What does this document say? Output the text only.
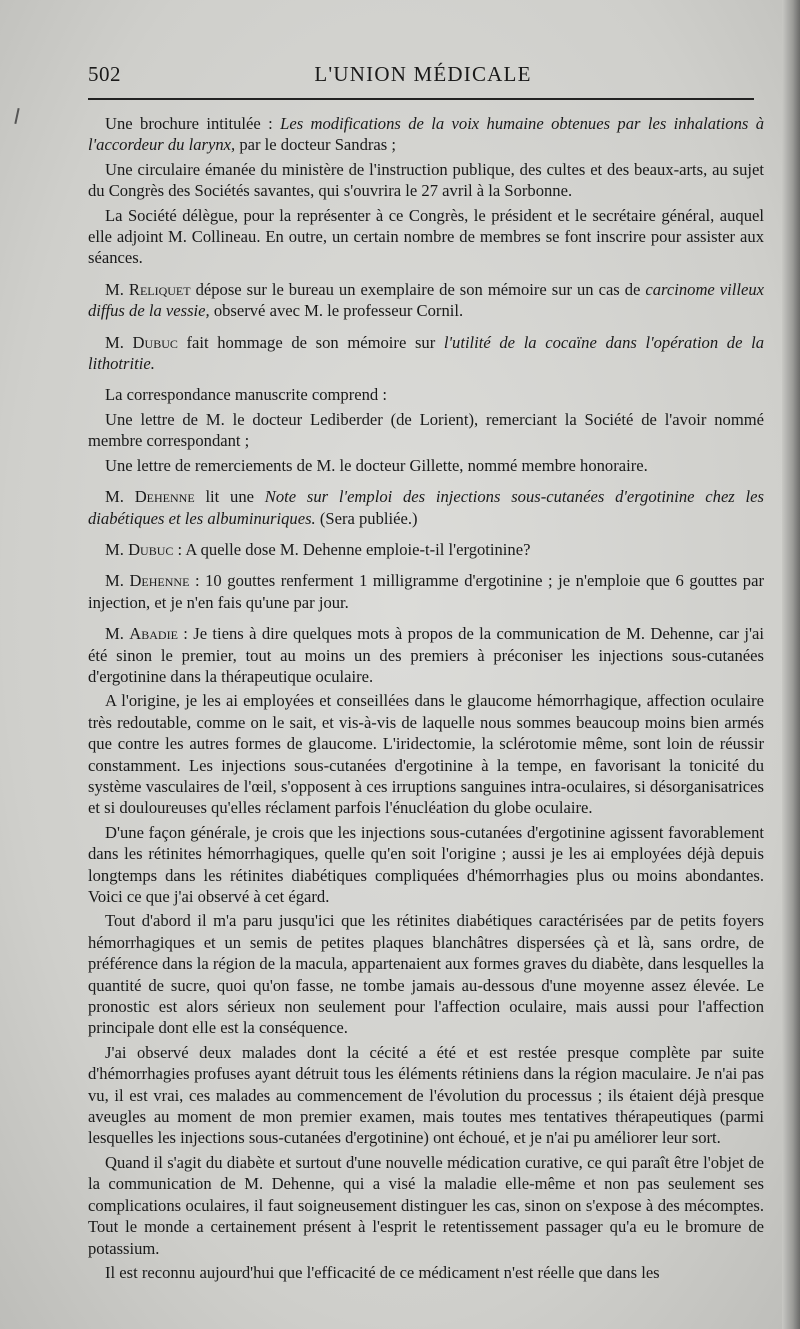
502	L'UNION MÉDICALE

Une brochure intitulée : Les modifications de la voix humaine obtenues par les inhalations à l'accordeur du larynx, par le docteur Sandras ;

Une circulaire émanée du ministère de l'instruction publique, des cultes et des beaux-arts, au sujet du Congrès des Sociétés savantes, qui s'ouvrira le 27 avril à la Sorbonne.

La Société délègue, pour la représenter à ce Congrès, le président et le secrétaire général, auquel elle adjoint M. Collineau. En outre, un certain nombre de membres se font inscrire pour assister aux séances.

M. Reliquet dépose sur le bureau un exemplaire de son mémoire sur un cas de carcinome villeux diffus de la vessie, observé avec M. le professeur Cornil.

M. Dubuc fait hommage de son mémoire sur l'utilité de la cocaïne dans l'opération de la lithotritie.

La correspondance manuscrite comprend :

Une lettre de M. le docteur Lediberder (de Lorient), remerciant la Société de l'avoir nommé membre correspondant ;

Une lettre de remerciements de M. le docteur Gillette, nommé membre honoraire.

M. Dehenne lit une Note sur l'emploi des injections sous-cutanées d'ergotinine chez les diabétiques et les albuminuriques. (Sera publiée.)

M. Dubuc : A quelle dose M. Dehenne emploie-t-il l'ergotinine?

M. Dehenne : 10 gouttes renferment 1 milligramme d'ergotinine ; je n'emploie que 6 gouttes par injection, et je n'en fais qu'une par jour.

M. Abadie : Je tiens à dire quelques mots à propos de la communication de M. Dehenne, car j'ai été sinon le premier, tout au moins un des premiers à préconiser les injections sous-cutanées d'ergotinine dans la thérapeutique oculaire.

A l'origine, je les ai employées et conseillées dans le glaucome hémorrhagique, affection oculaire très redoutable, comme on le sait, et vis-à-vis de laquelle nous sommes beaucoup moins bien armés que contre les autres formes de glaucome. L'iridectomie, la sclérotomie même, sont loin de réussir constamment. Les injections sous-cutanées d'ergotinine à la tempe, en favorisant la tonicité du système vasculaires de l'œil, s'opposent à ces irruptions sanguines intra-oculaires, si désorganisatrices et si douloureuses qu'elles réclament parfois l'énucléation du globe oculaire.

D'une façon générale, je crois que les injections sous-cutanées d'ergotinine agissent favorablement dans les rétinites hémorrhagiques, quelle qu'en soit l'origine ; aussi je les ai employées déjà depuis longtemps dans les rétinites diabétiques compliquées d'hémorrhagies plus ou moins abondantes. Voici ce que j'ai observé à cet égard.

Tout d'abord il m'a paru jusqu'ici que les rétinites diabétiques caractérisées par de petits foyers hémorrhagiques et un semis de petites plaques blanchâtres dispersées çà et là, sans ordre, de préférence dans la région de la macula, appartenaient aux formes graves du diabète, dans lesquelles la quantité de sucre, quoi qu'on fasse, ne tombe jamais au-dessous d'une moyenne assez élevée. Le pronostic est alors sérieux non seulement pour l'affection oculaire, mais aussi pour l'affection principale dont elle est la conséquence.

J'ai observé deux malades dont la cécité a été et est restée presque complète par suite d'hémorrhagies profuses ayant détruit tous les éléments rétiniens dans la région maculaire. Je n'ai pas vu, il est vrai, ces malades au commencement de l'évolution du processus ; ils étaient déjà presque aveugles au moment de mon premier examen, mais toutes mes tentatives thérapeutiques (parmi lesquelles les injections sous-cutanées d'ergotinine) ont échoué, et je n'ai pu améliorer leur sort.

Quand il s'agit du diabète et surtout d'une nouvelle médication curative, ce qui paraît être l'objet de la communication de M. Dehenne, qui a visé la maladie elle-même et non pas seulement ses complications oculaires, il faut soigneusement distinguer les cas, sinon on s'expose à des mécomptes. Tout le monde a certainement présent à l'esprit le retentissement passager qu'a eu le bromure de potassium.

Il est reconnu aujourd'hui que l'efficacité de ce médicament n'est réelle que dans les
